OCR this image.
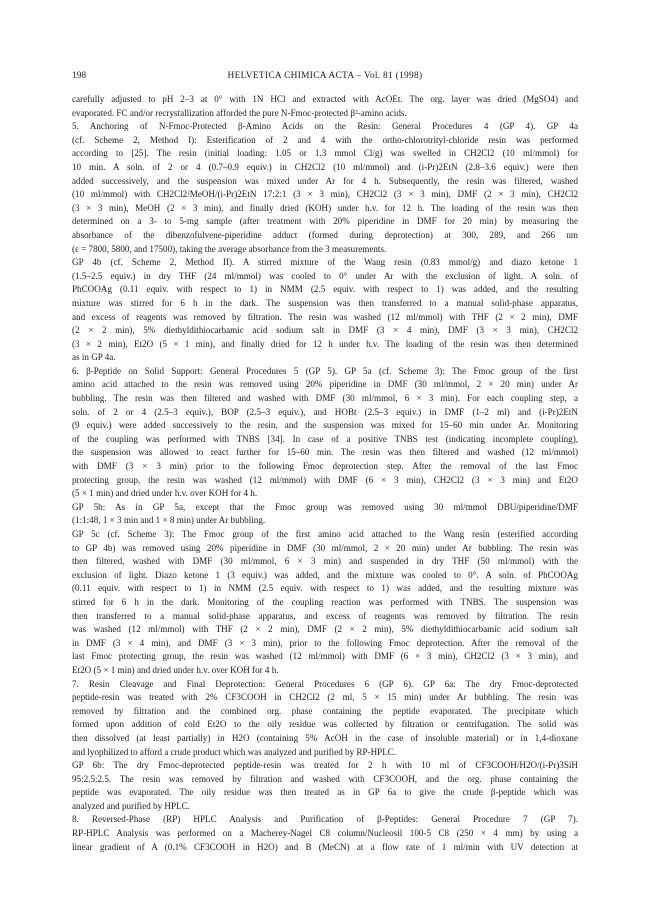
198	HELVETICA CHIMICA ACTA – Vol. 81 (1998)
carefully adjusted to pH 2–3 at 0° with 1N HCl and extracted with AcOEt. The org. layer was dried (MgSO4) and
evaporated. FC and/or recrystallization afforded the pure N-Fmoc-protected β²-amino acids.
5. Anchoring of N-Fmoc-Protected β-Amino Acids on the Resin: General Procedures 4 (GP 4). GP 4a
(cf. Scheme 2, Method I): Esterification of 2 and 4 with the ortho-chlorotrityl-chloride resin was performed
according to [25]. The resin (initial loading: 1.05 or 1.3 mmol Cl/g) was swelled in CH2Cl2 (10 ml/mmol) for
10 min. A soln. of 2 or 4 (0.7–0.9 equiv.) in CH2Cl2 (10 ml/mmol) and (i-Pr)2EtN (2.8–3.6 equiv.) were then
added successively, and the suspension was mixed under Ar for 4 h. Subsequently, the resin was filtered, washed
(10 ml/mmol) with CH2Cl2/MeOH/(i-Pr)2EtN 17:2:1 (3 × 3 min), CH2Cl2 (3 × 3 min), DMF (2 × 3 min), CH2Cl2
(3 × 3 min), MeOH (2 × 3 min), and finally dried (KOH) under h.v. for 12 h. The loading of the resin was then
determined on a 3- to 5-mg sample (after treatment with 20% piperidine in DMF for 20 min) by measuring the
absorbance of the dibenzofulvene-piperidine adduct (formed during deprotection) at 300, 289, and 266 nm
(ε = 7800, 5800, and 17500), taking the average absorbance from the 3 measurements.
GP 4b (cf. Scheme 2, Method II). A stirred mixture of the Wang resin (0.83 mmol/g) and diazo ketone 1
(1.5–2.5 equiv.) in dry THF (24 ml/mmol) was cooled to 0° under Ar with the exclusion of light. A soln. of
PhCOOAg (0.11 equiv. with respect to 1) in NMM (2.5 equiv. with respect to 1) was added, and the resulting
mixture was stirred for 6 h in the dark. The suspension was then transferred to a manual solid-phase apparatus,
and excess of reagents was removed by filtration. The resin was washed (12 ml/mmol) with THF (2 × 2 min), DMF
(2 × 2 min), 5% diethyldithiocarbamic acid sodium salt in DMF (3 × 4 min), DMF (3 × 3 min), CH2Cl2
(3 × 2 min), Et2O (5 × 1 min), and finally dried for 12 h under h.v. The loading of the resin was then determined
as in GP 4a.
6. β-Peptide on Solid Support: General Procedures 5 (GP 5). GP 5a (cf. Scheme 3): The Fmoc group of the first
amino acid attached to the resin was removed using 20% piperidine in DMF (30 ml/mmol, 2 × 20 min) under Ar
bubbling. The resin was then filtered and washed with DMF (30 ml/mmol, 6 × 3 min). For each coupling step, a
soln. of 2 or 4 (2.5–3 equiv.), BOP (2.5–3 equiv.), and HOBt (2.5–3 equiv.) in DMF (1–2 ml) and (i-Pr)2EtN
(9 equiv.) were added successively to the resin, and the suspension was mixed for 15–60 min under Ar. Monitoring
of the coupling was performed with TNBS [34]. In case of a positive TNBS test (indicating incomplete coupling),
the suspension was allowed to react further for 15–60 min. The resin was then filtered and washed (12 ml/mmol)
with DMF (3 × 3 min) prior to the following Fmoc deprotection step. After the removal of the last Fmoc
protecting group, the resin was washed (12 ml/mmol) with DMF (6 × 3 min), CH2Cl2 (3 × 3 min) and Et2O
(5 × 1 min) and dried under h.v. over KOH for 4 h.
GP 5b: As in GP 5a, except that the Fmoc group was removed using 30 ml/mmol DBU/piperidine/DMF
(1:1:48, 1 × 3 min and 1 × 8 min) under Ar bubbling.
GP 5c (cf. Scheme 3): The Fmoc group of the first amino acid attached to the Wang resin (esterified according
to GP 4b) was removed using 20% piperidine in DMF (30 ml/mmol, 2 × 20 min) under Ar bubbling. The resin was
then filtered, washed with DMF (30 ml/mmol, 6 × 3 min) and suspended in dry THF (50 ml/mmol) with the
exclusion of light. Diazo ketone 1 (3 equiv.) was added, and the mixture was cooled to 0°. A soln. of PhCOOAg
(0.11 equiv. with respect to 1) in NMM (2.5 equiv. with respect to 1) was added, and the resulting mixture was
stirred for 6 h in the dark. Monitoring of the coupling reaction was performed with TNBS. The suspension was
then transferred to a manual solid-phase apparatus, and excess of reagents was removed by filtration. The resin
was washed (12 ml/mmol) with THF (2 × 2 min), DMF (2 × 2 min), 5% diethyldithiocarbamic acid sodium salt
in DMF (3 × 4 min), and DMF (3 × 3 min), prior to the following Fmoc deprotection. After the removal of the
last Fmoc protecting group, the resin was washed (12 ml/mmol) with DMF (6 × 3 min), CH2Cl2 (3 × 3 min), and
Et2O (5 × 1 min) and dried under h.v. over KOH for 4 h.
7. Resin Cleavage and Final Deprotection: General Procedures 6 (GP 6). GP 6a: The dry Fmoc-deprotected
peptide-resin was treated with 2% CF3COOH in CH2Cl2 (2 ml, 5 × 15 min) under Ar bubbling. The resin was
removed by filtration and the combined org. phase containing the peptide evaporated. The precipitate which
formed upon addition of cold Et2O to the oily residue was collected by filtration or centrifugation. The solid was
then dissolved (at least partially) in H2O (containing 5% AcOH in the case of insoluble material) or in 1,4-dioxane
and lyophilized to afford a crude product which was analyzed and purified by RP-HPLC.
GP 6b: The dry Fmoc-deprotected peptide-resin was treated for 2 h with 10 ml of CF3COOH/H2O/(i-Pr)3SiH
95:2.5:2.5. The resin was removed by filtration and washed with CF3COOH, and the org. phase containing the
peptide was evaporated. The oily residue was then treated as in GP 6a to give the crude β-peptide which was
analyzed and purified by HPLC.
8. Reversed-Phase (RP) HPLC Analysis and Purification of β-Peptides: General Procedure 7 (GP 7).
RP-HPLC Analysis was performed on a Macherey-Nagel C8 column/Nucleosil 100-5 C8 (250 × 4 mm) by using a
linear gradient of A (0.1% CF3COOH in H2O) and B (MeCN) at a flow rate of 1 ml/min with UV detection at
